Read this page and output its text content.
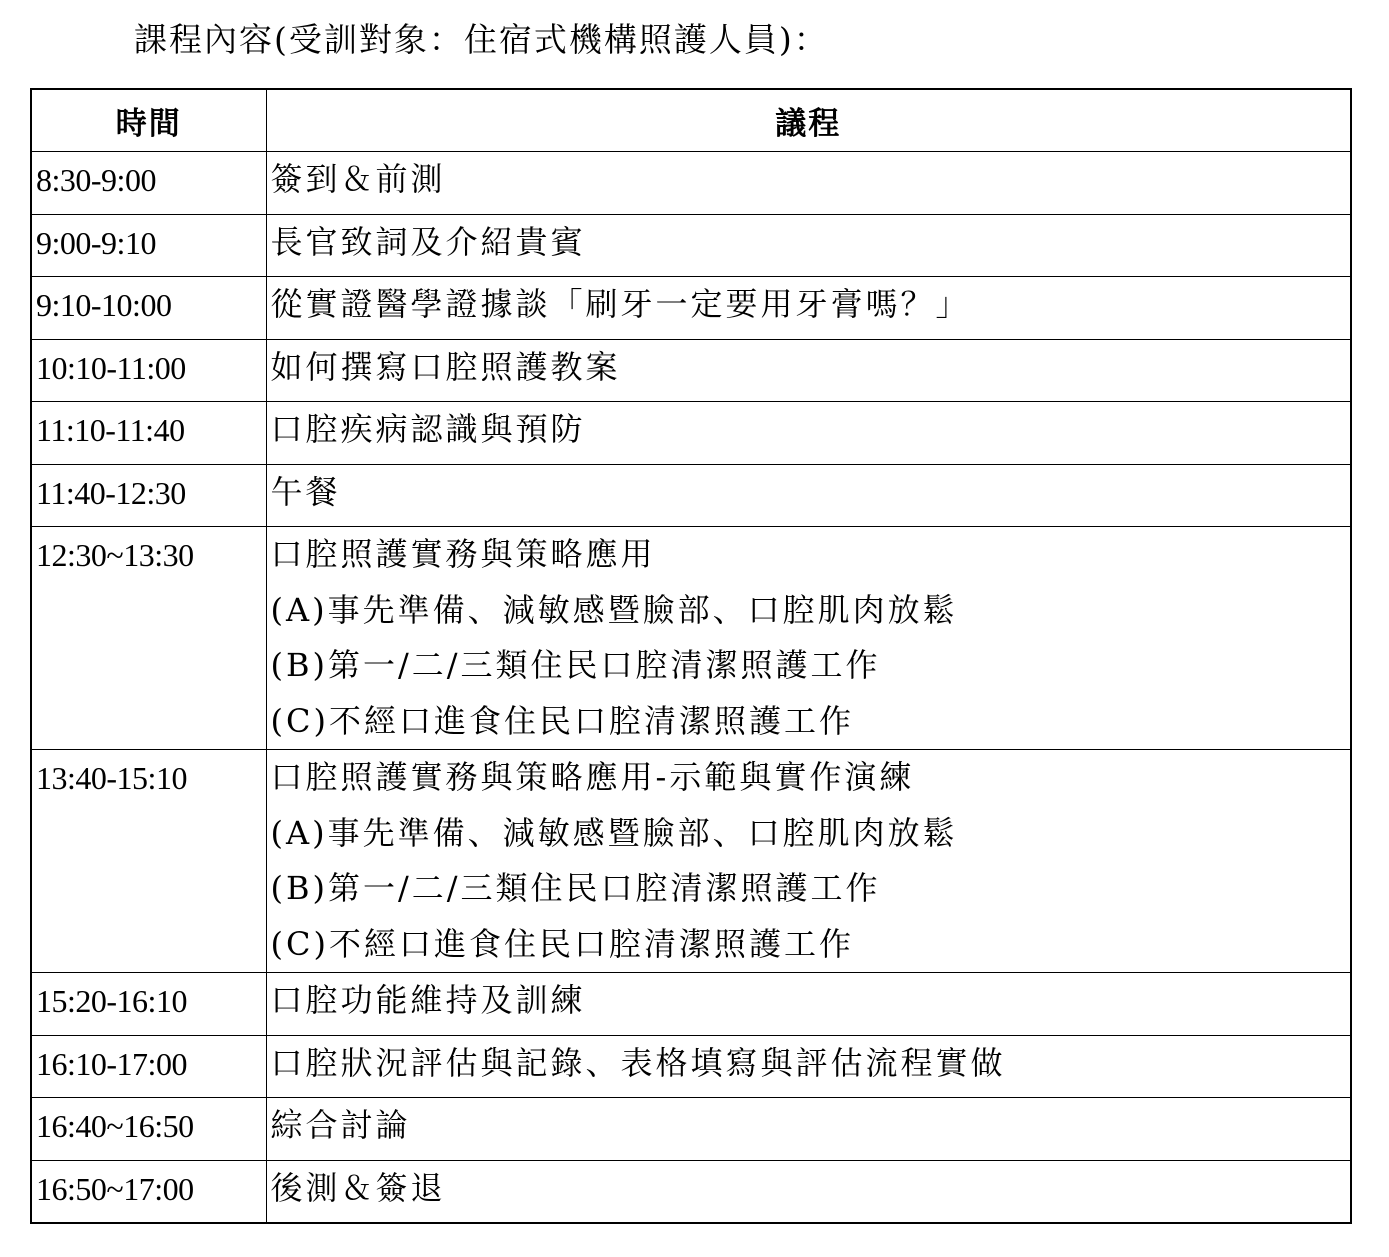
課程內容(受訓對象：住宿式機構照護人員)：
時間	議程
8:30-9:00	簽到＆前測

9:00-9:10	長官致詞及介紹貴賓

9:10-10:00	從實證醫學證據談「刷牙一定要用牙膏嗎？」

10:10-11:00	如何撰寫口腔照護教案

11:10-11:40	口腔疾病認識與預防

11:40-12:30	午餐

12:30~13:30	口腔照護實務與策略應用
(A)事先準備、減敏感暨臉部、口腔肌肉放鬆
(B)第一/二/三類住民口腔清潔照護工作
(C)不經口進食住民口腔清潔照護工作

13:40-15:10	口腔照護實務與策略應用-示範與實作演練
(A)事先準備、減敏感暨臉部、口腔肌肉放鬆
(B)第一/二/三類住民口腔清潔照護工作
(C)不經口進食住民口腔清潔照護工作

15:20-16:10	口腔功能維持及訓練

16:10-17:00	口腔狀況評估與記錄、表格填寫與評估流程實做

16:40~16:50	綜合討論

16:50~17:00	後測＆簽退
